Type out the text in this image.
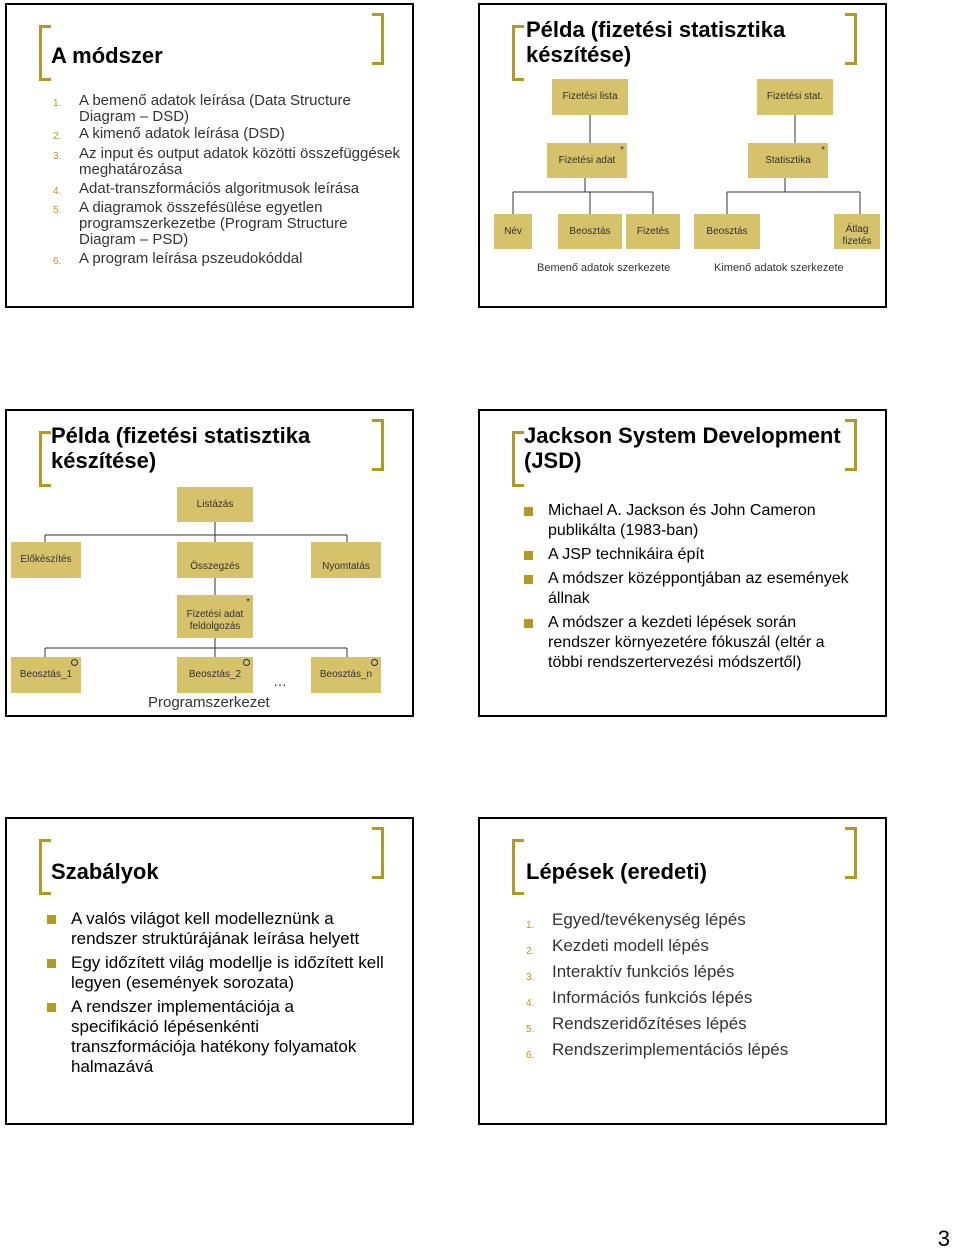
A módszer
1. A bemenő adatok leírása (Data Structure Diagram – DSD)
2. A kimenő adatok leírása (DSD)
3. Az input és output adatok közötti összefüggések meghatározása
4. Adat-transzformációs algoritmusok leírása
5. A diagramok összefésülése egyetlen programszerkezetbe (Program Structure Diagram – PSD)
6. A program leírása pszeudokóddal
Példa (fizetési statisztika készítése)
Fizetési lista	Fizetési stat.
*
Fizetési adat
*
Statisztika
Név	Beosztás	Fizetés	Beosztás	Átlag fizetés
Bemenő adatok szerkezete	Kimenő adatok szerkezete
Példa (fizetési statisztika készítése)
Listázás
Előkészítés
Összegzés	Nyomtatás
*
Fizetési adat feldolgozás
Beosztás_1	Beosztás_2	Beosztás_n
…
Programszerkezet
Jackson System Development (JSD)
Michael A. Jackson és John Cameron publikálta (1983-ban)
A JSP technikáira épít
A módszer középpontjában az események állnak
A módszer a kezdeti lépések során rendszer környezetére fókuszál (eltér a többi rendszertervezési módszertől)
Szabályok
A valós világot kell modelleznünk a rendszer struktúrájának leírása helyett
Egy időzített világ modellje is időzített kell legyen (események sorozata)
A rendszer implementációja a specifikáció lépésenkénti transzformációja hatékony folyamatok halmazává
Lépések (eredeti)
1. Egyed/tevékenység lépés
2. Kezdeti modell lépés
3. Interaktív funkciós lépés
4. Információs funkciós lépés
5. Rendszeridőzítéses lépés
6. Rendszerimplementációs lépés
3
